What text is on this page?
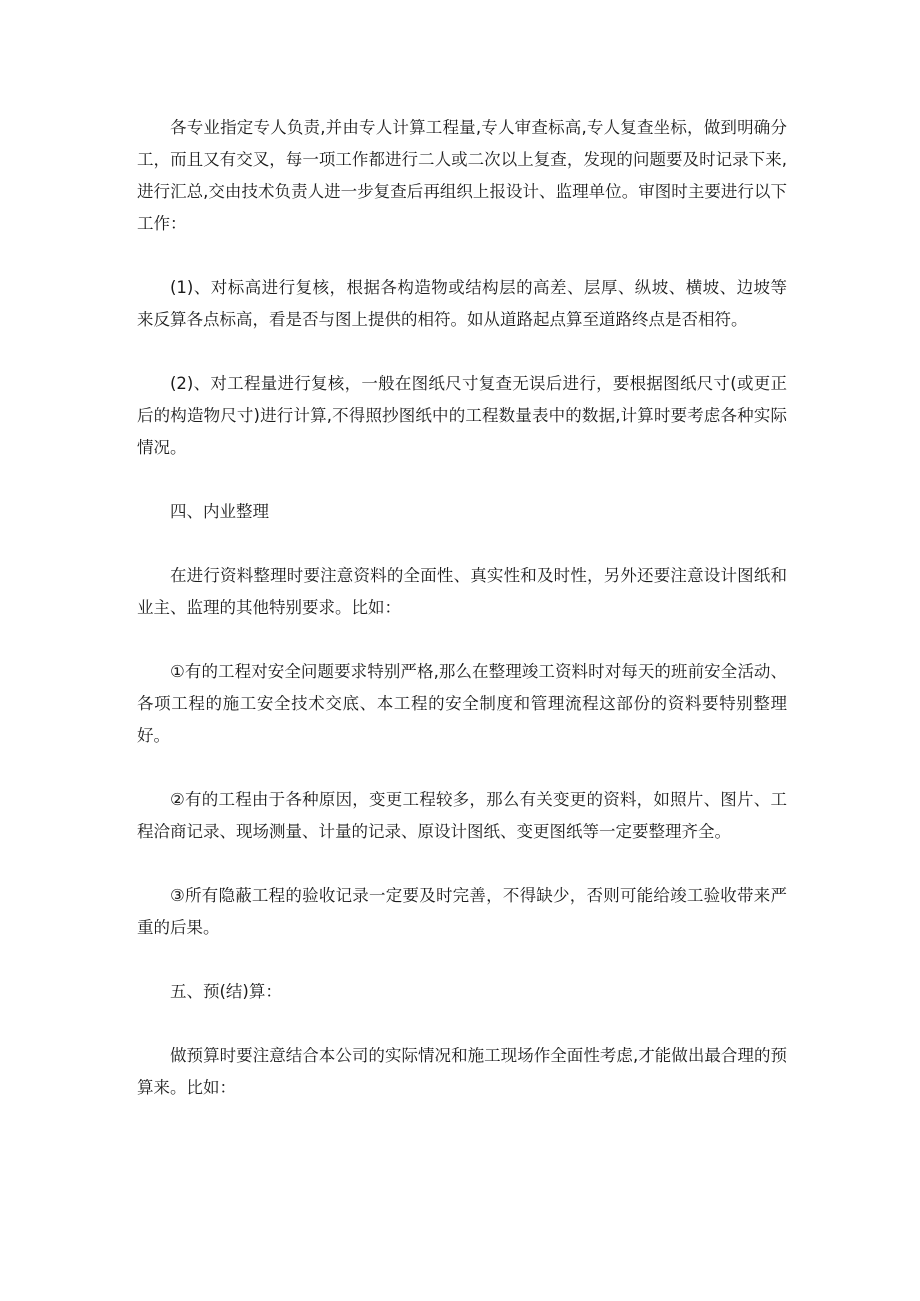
各专业指定专人负责,并由专人计算工程量,专人审查标高,专人复查坐标，做到明确分工，而且又有交叉，每一项工作都进行二人或二次以上复查，发现的问题要及时记录下来,进行汇总,交由技术负责人进一步复查后再组织上报设计、监理单位。审图时主要进行以下工作：

(1)、对标高进行复核，根据各构造物或结构层的高差、层厚、纵坡、横坡、边坡等来反算各点标高，看是否与图上提供的相符。如从道路起点算至道路终点是否相符。

(2)、对工程量进行复核，一般在图纸尺寸复查无误后进行，要根据图纸尺寸(或更正后的构造物尺寸)进行计算,不得照抄图纸中的工程数量表中的数据,计算时要考虑各种实际情况。

四、内业整理

在进行资料整理时要注意资料的全面性、真实性和及时性，另外还要注意设计图纸和业主、监理的其他特别要求。比如：

①有的工程对安全问题要求特别严格,那么在整理竣工资料时对每天的班前安全活动、各项工程的施工安全技术交底、本工程的安全制度和管理流程这部份的资料要特别整理好。

②有的工程由于各种原因，变更工程较多，那么有关变更的资料，如照片、图片、工程洽商记录、现场测量、计量的记录、原设计图纸、变更图纸等一定要整理齐全。

③所有隐蔽工程的验收记录一定要及时完善，不得缺少，否则可能给竣工验收带来严重的后果。

五、预(结)算：

做预算时要注意结合本公司的实际情况和施工现场作全面性考虑,才能做出最合理的预算来。比如：
